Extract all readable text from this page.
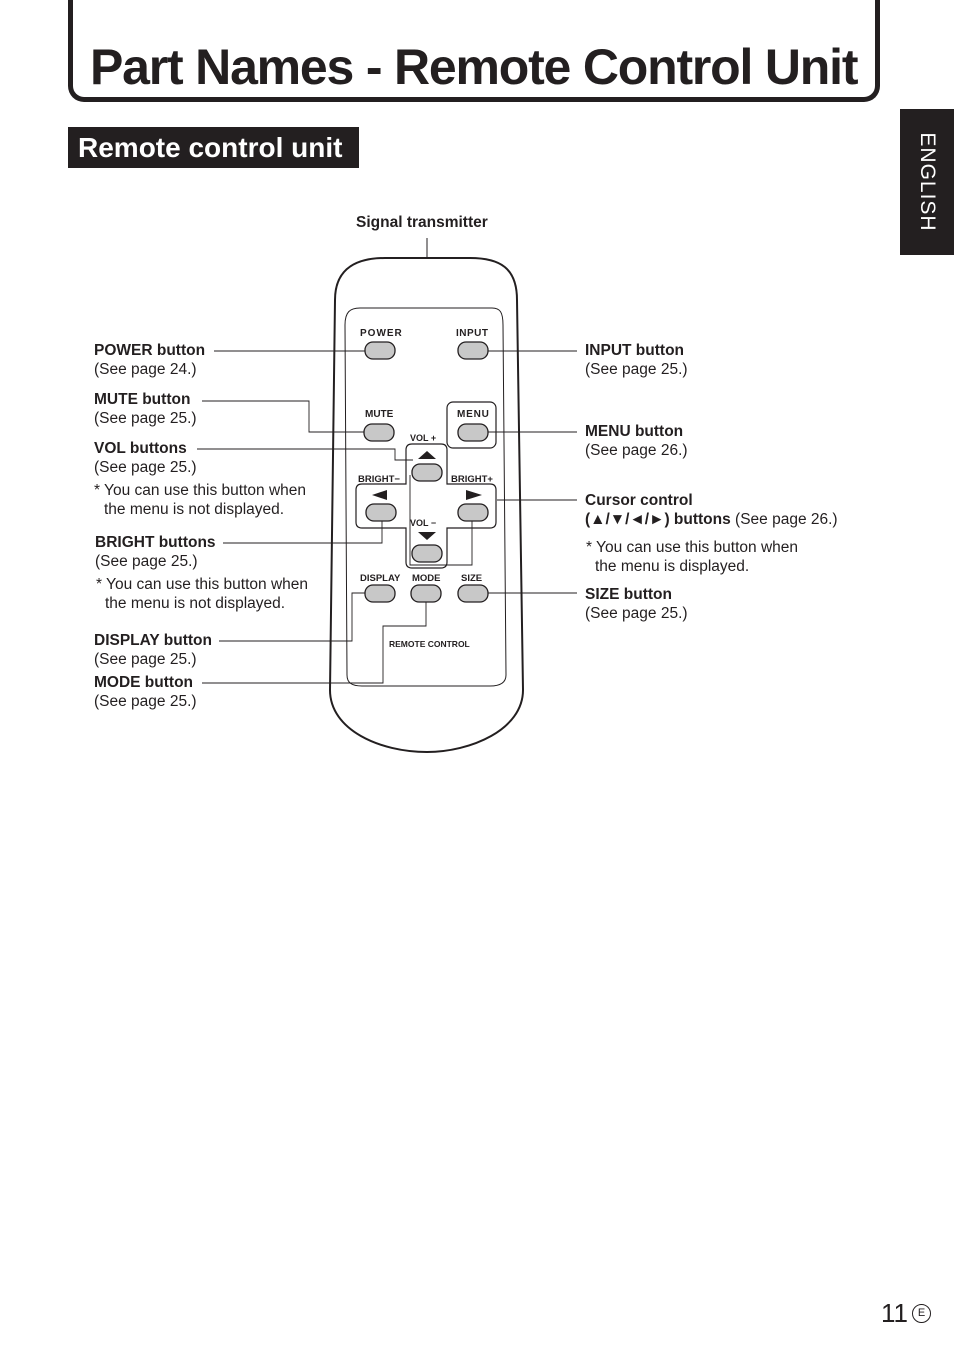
Part Names - Remote Control Unit
Remote control unit	ENGLISH
POWER	INPUT
MUTE	MENU
VOL +
BRIGHT−	BRIGHT+
VOL −
DISPLAY MODE SIZE
REMOTE CONTROL
Signal transmitter
POWER button
(See page 24.)
MUTE button
(See page 25.)
VOL buttons
(See page 25.)
* You can use this button when
the menu is not displayed.
BRIGHT buttons
(See page 25.)
* You can use this button when
the menu is not displayed.
DISPLAY button
(See page 25.)
MODE button
(See page 25.)
INPUT button
(See page 25.)
MENU button
(See page 26.)
Cursor control
(▲/▼/◄/►) buttons (See page 26.)
* You can use this button when
the menu is displayed.
SIZE button
(See page 25.)
11 E
